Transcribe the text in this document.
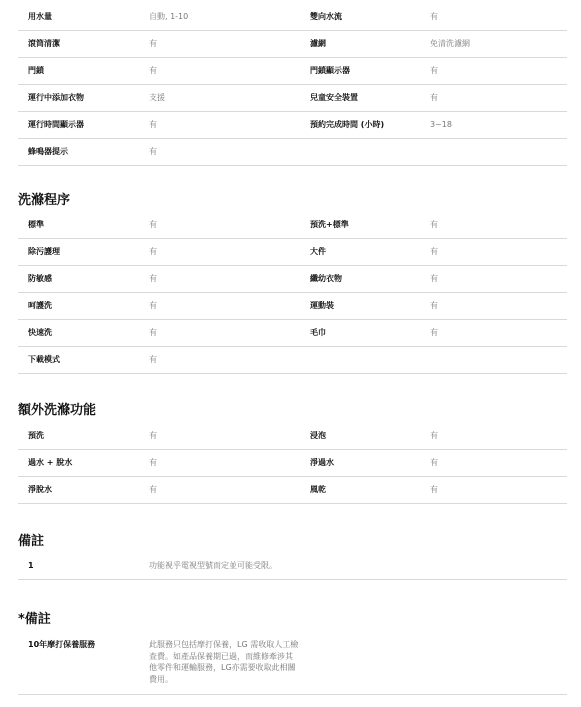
用水量	自動, 1-10	雙向水流	有
滾筒清潔	有	濾網	免清洗濾網
門鎖	有	門鎖顯示器	有
運行中添加衣物	支援	兒童安全裝置	有
運行時間顯示器	有	預約完成時間 (小時)	3~18
蜂鳴器提示	有
洗滌程序
標準	有	預洗+標準	有
除污護理	有	大件	有
防敏感	有	纖幼衣物	有
呵護洗	有	運動裝	有
快速洗	有	毛巾	有
下載模式	有
額外洗滌功能
預洗	有	浸泡	有
過水 + 脫水	有	淨過水	有
淨脫水	有	風乾	有
備註
1	功能視乎電視型號而定並可能受限。
*備註
10年摩打保養服務	此服務只包括摩打保養，LG 需收取人工檢查費。如產品保養期已過，而維修牽涉其他零件和運輸服務，LG亦需要收取此相關費用。
